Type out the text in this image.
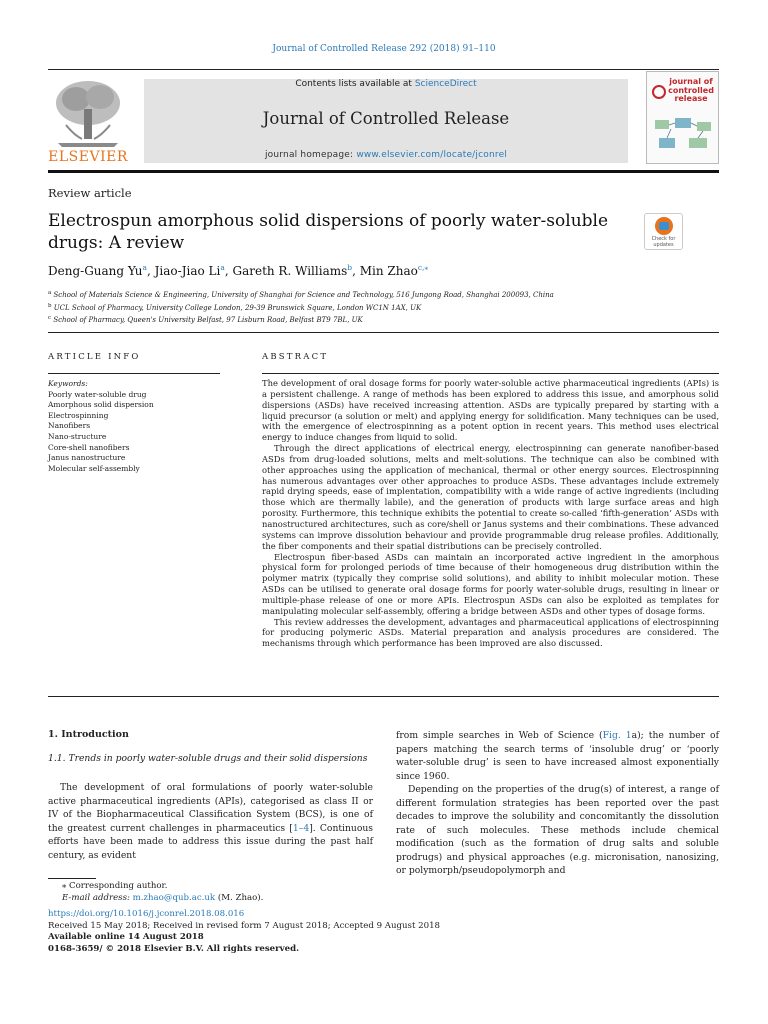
Journal of Controlled Release 292 (2018) 91–110
ELSEVIER
Contents lists available at ScienceDirect
Journal of Controlled Release
journal homepage: www.elsevier.com/locate/jconrel
journal of controlled release
Review article
Electrospun amorphous solid dispersions of poorly water-soluble drugs: A review	Check for updates
Deng-Guang Yu$^a$, Jiao-Jiao Li$^a$, Gareth R. Williams$^b$, Min Zhao$^{c,⁎}$
$^a$ School of Materials Science & Engineering, University of Shanghai for Science and Technology, 516 Jungong Road, Shanghai 200093, China
$^b$ UCL School of Pharmacy, University College London, 29-39 Brunswick Square, London WC1N 1AX, UK
$^c$ School of Pharmacy, Queen's University Belfast, 97 Lisburn Road, Belfast BT9 7BL, UK
ARTICLE INFO	ABSTRACT
Keywords:
Poorly water-soluble drug
Amorphous solid dispersion
Electrospinning
Nanofibers
Nano-structure
Core-shell nanofibers
Janus nanostructure
Molecular self-assembly

The development of oral dosage forms for poorly water-soluble active pharmaceutical ingredients (APIs) is a persistent challenge. A range of methods has been explored to address this issue, and amorphous solid dispersions (ASDs) have received increasing attention. ASDs are typically prepared by starting with a liquid precursor (a solution or melt) and applying energy for solidification. Many techniques can be used, with the emergence of electrospinning as a potent option in recent years. This method uses electrical energy to induce changes from liquid to solid.

Through the direct applications of electrical energy, electrospinning can generate nanofiber-based ASDs from drug-loaded solutions, melts and melt-solutions. The technique can also be combined with other approaches using the application of mechanical, thermal or other energy sources. Electrospinning has numerous advantages over other approaches to produce ASDs. These advantages include extremely rapid drying speeds, ease of implentation, compatibility with a wide range of active ingredients (including those which are thermally labile), and the generation of products with large surface areas and high porosity. Furthermore, this technique exhibits the potential to create so-called ‘fifth-generation’ ASDs with nanostructured architectures, such as core/shell or Janus systems and their combinations. These advanced systems can improve dissolution behaviour and provide programmable drug release profiles. Additionally, the fiber components and their spatial distributions can be precisely controlled.

Electrospun fiber-based ASDs can maintain an incorporated active ingredient in the amorphous physical form for prolonged periods of time because of their homogeneous drug distribution within the polymer matrix (typically they comprise solid solutions), and ability to inhibit molecular motion. These ASDs can be utilised to generate oral dosage forms for poorly water-soluble drugs, resulting in linear or multiple-phase release of one or more APIs. Electrospun ASDs can also be exploited as templates for manipulating molecular self-assembly, offering a bridge between ASDs and other types of dosage forms.

This review addresses the development, advantages and pharmaceutical applications of electrospinning for producing polymeric ASDs. Material preparation and analysis procedures are considered. The mechanisms through which performance has been improved are also discussed.

1. Introduction
1.1. Trends in poorly water-soluble drugs and their solid dispersions
The development of oral formulations of poorly water-soluble active pharmaceutical ingredients (APIs), categorised as class II or IV of the Biopharmaceutical Classification System (BCS), is one of the greatest current challenges in pharmaceutics [1–4]. Continuous efforts have been made to address this issue during the past half century, as evident

from simple searches in Web of Science (Fig. 1a); the number of papers matching the search terms of ‘insoluble drug’ or ‘poorly water-soluble drug’ is seen to have increased almost exponentially since 1960.

Depending on the properties of the drug(s) of interest, a range of different formulation strategies has been reported over the past decades to improve the solubility and concomitantly the dissolution rate of such molecules. These methods include chemical modification (such as the formation of drug salts and soluble prodrugs) and physical approaches (e.g. micronisation, nanosizing, or polymorph/pseudopolymorph and

⁎ Corresponding author.
E-mail address: m.zhao@qub.ac.uk (M. Zhao).
https://doi.org/10.1016/j.jconrel.2018.08.016
Received 15 May 2018; Received in revised form 7 August 2018; Accepted 9 August 2018
Available online 14 August 2018
0168-3659/ © 2018 Elsevier B.V. All rights reserved.
